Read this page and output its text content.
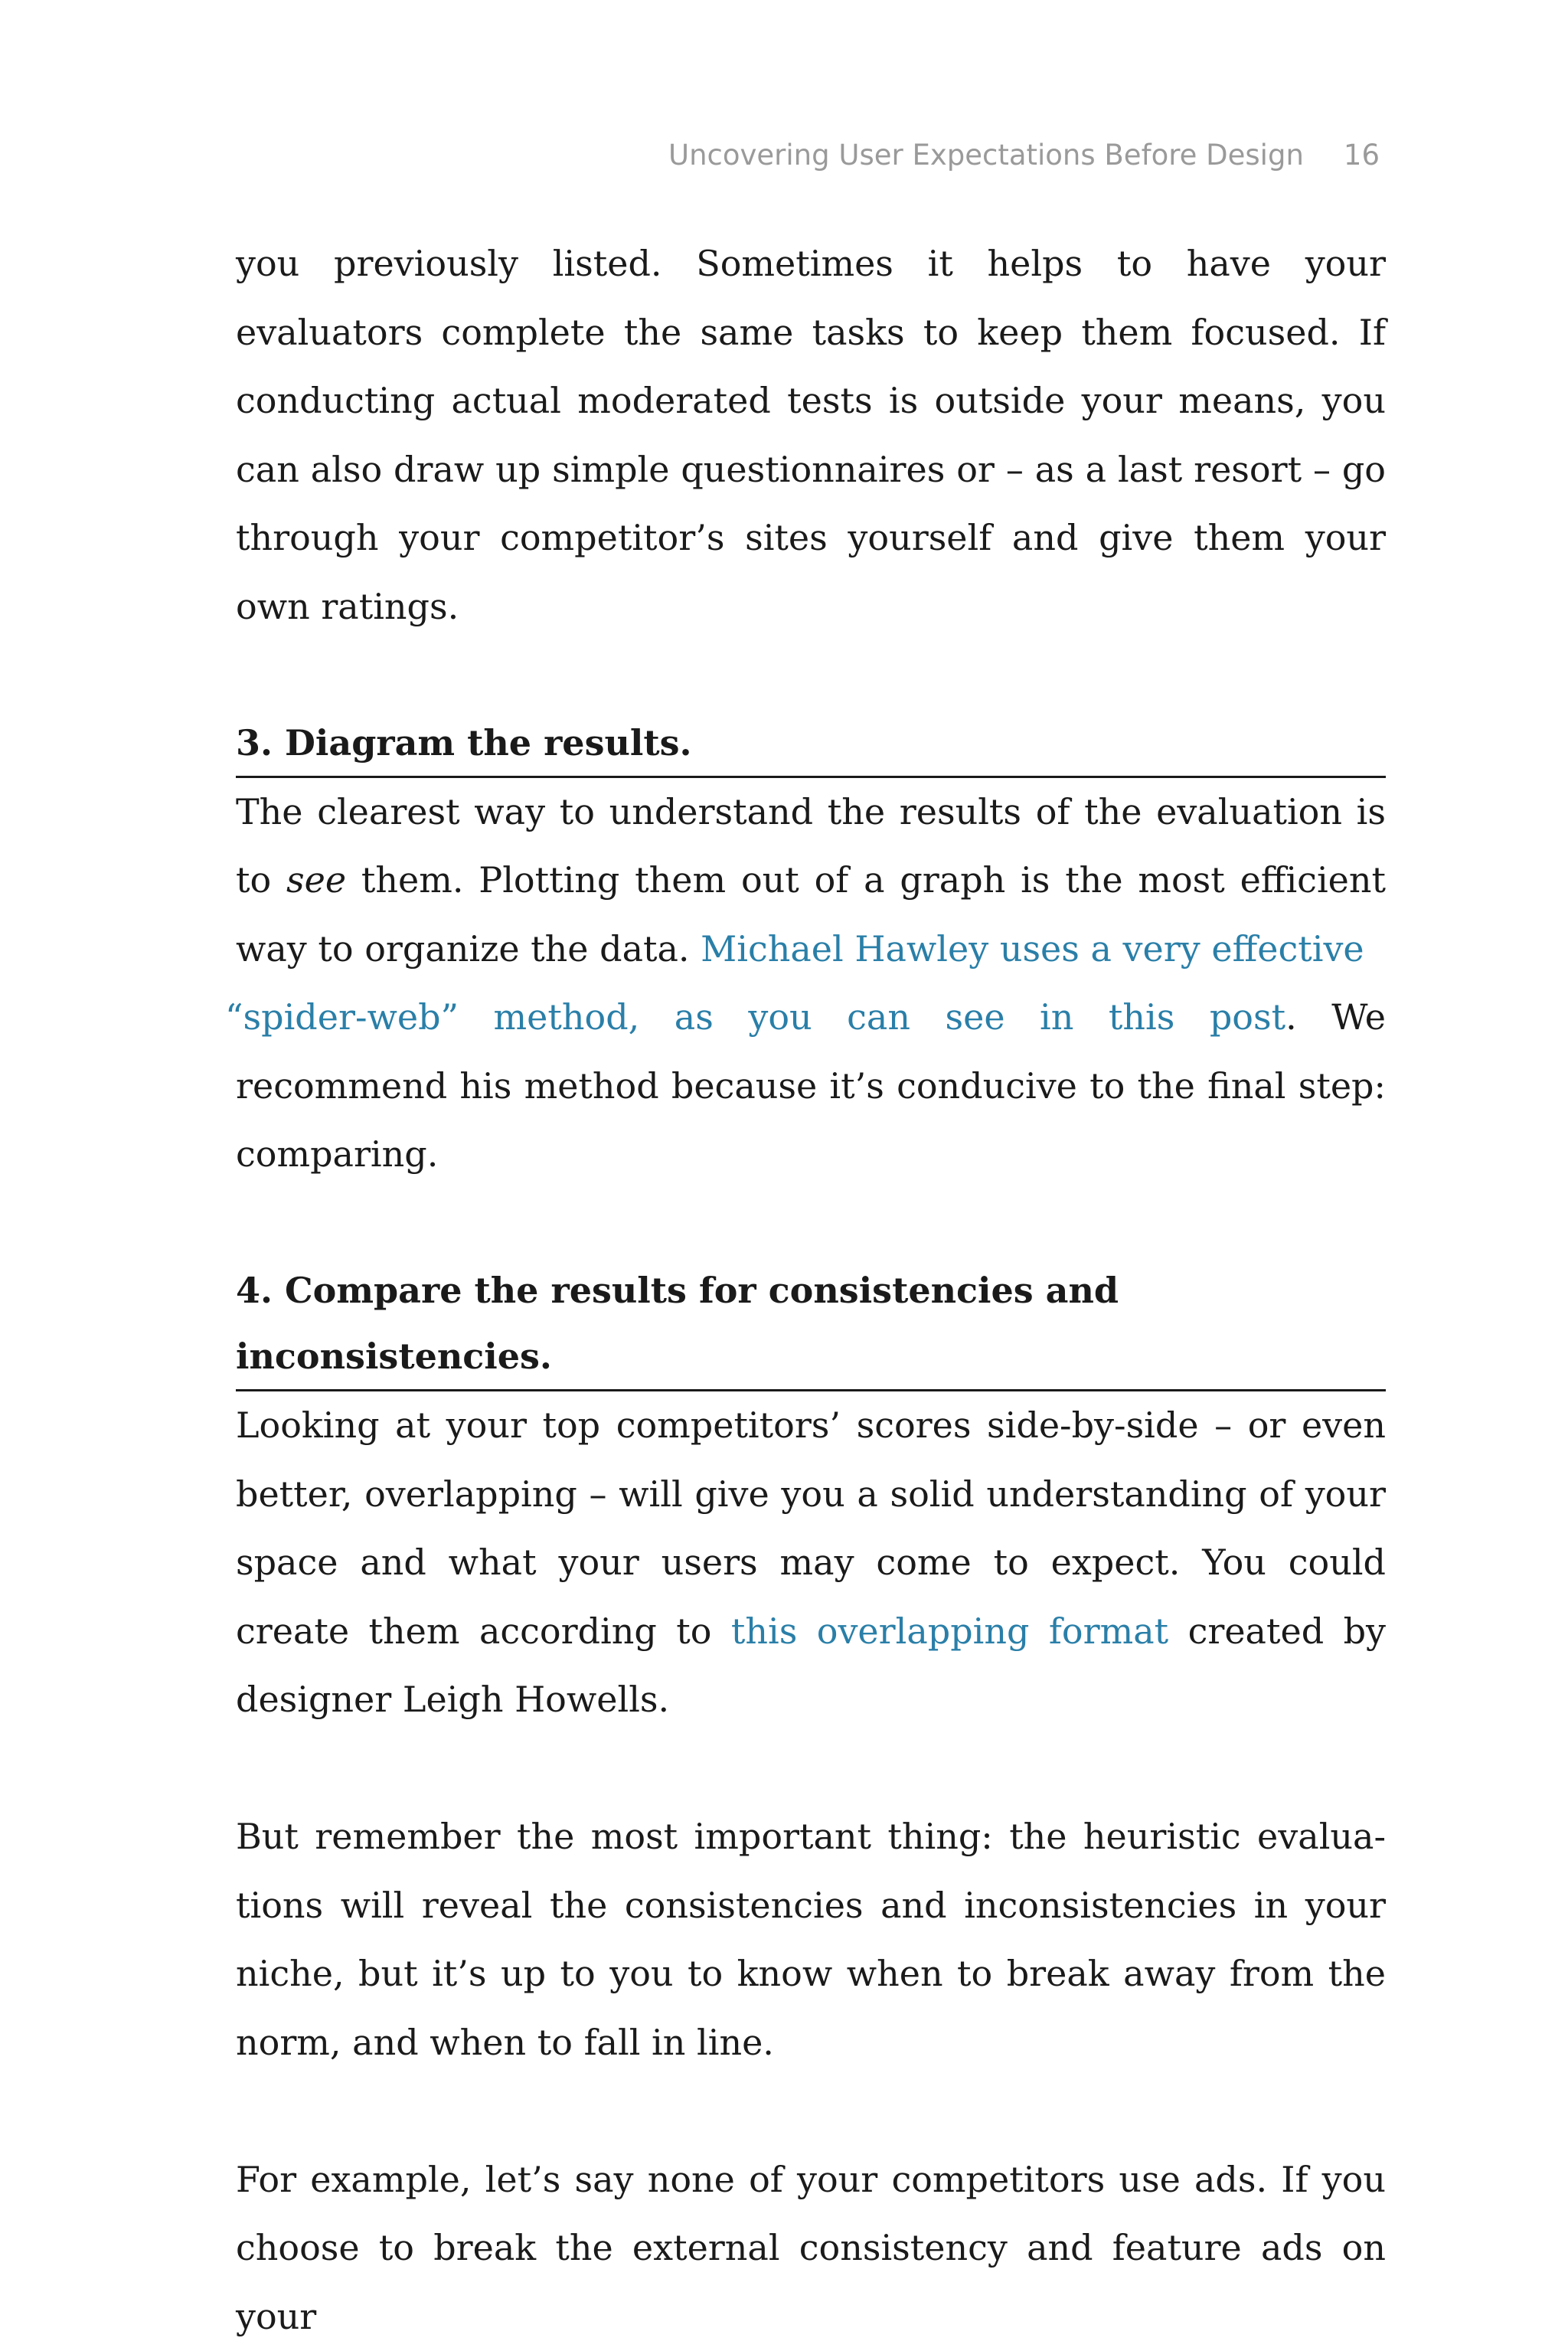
Uncovering User Expectations Before Design 16

you previously listed. Sometimes it helps to have your evaluators complete the same tasks to keep them focused. If conducting actual moderated tests is outside your means, you can also draw up simple questionnaires or – as a last resort – go through your competitor’s sites yourself and give them your own ratings.

3. Diagram the results.

The clearest way to understand the results of the evaluation is to see them. Plotting them out of a graph is the most efficient way to organize the data. Michael Hawley uses a very effective
“spider-web” method, as you can see in this post. We recommend his method because it’s conducive to the final step: comparing.

4. Compare the results for consistencies and inconsistencies.

Looking at your top competitors’ scores side-by-side – or even better, overlapping – will give you a solid understanding of your space and what your users may come to expect. You could create them according to this overlapping format created by designer Leigh Howells.

But remember the most important thing: the heuristic evaluations will reveal the consistencies and inconsistencies in your niche, but it’s up to you to know when to break away from the norm, and when to fall in line.

For example, let’s say none of your competitors use ads. If you choose to break the external consistency and feature ads on your
